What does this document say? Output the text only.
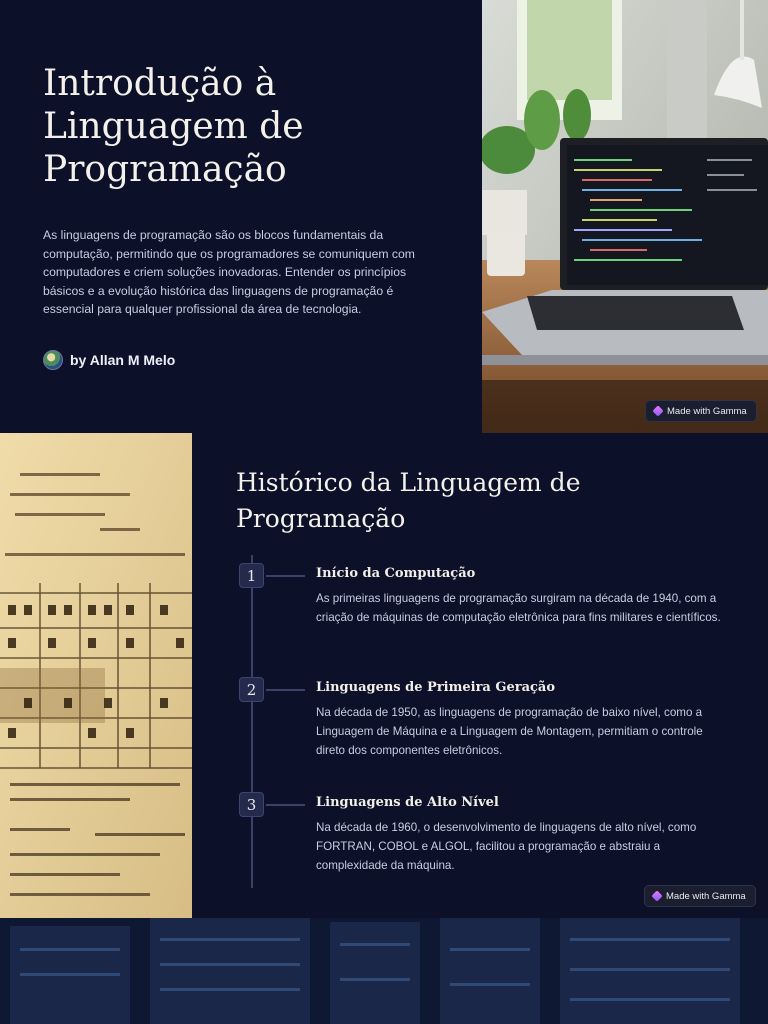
Introdução à Linguagem de Programação

As linguagens de programação são os blocos fundamentais da computação, permitindo que os programadores se comuniquem com computadores e criem soluções inovadoras. Entender os princípios básicos e a evolução histórica das linguagens de programação é essencial para qualquer profissional da área de tecnologia.

by Allan M Melo
Made with Gamma
Histórico da Linguagem de Programação
1	Início da Computação

As primeiras linguagens de programação surgiram na década de 1940, com a criação de máquinas de computação eletrônica para fins militares e científicos.

2	Linguagens de Primeira Geração

Na década de 1950, as linguagens de programação de baixo nível, como a Linguagem de Máquina e a Linguagem de Montagem, permitiam o controle direto dos componentes eletrônicos.

3	Linguagens de Alto Nível

Na década de 1960, o desenvolvimento de linguagens de alto nível, como FORTRAN, COBOL e ALGOL, facilitou a programação e abstraiu a complexidade da máquina.

Made with Gamma
